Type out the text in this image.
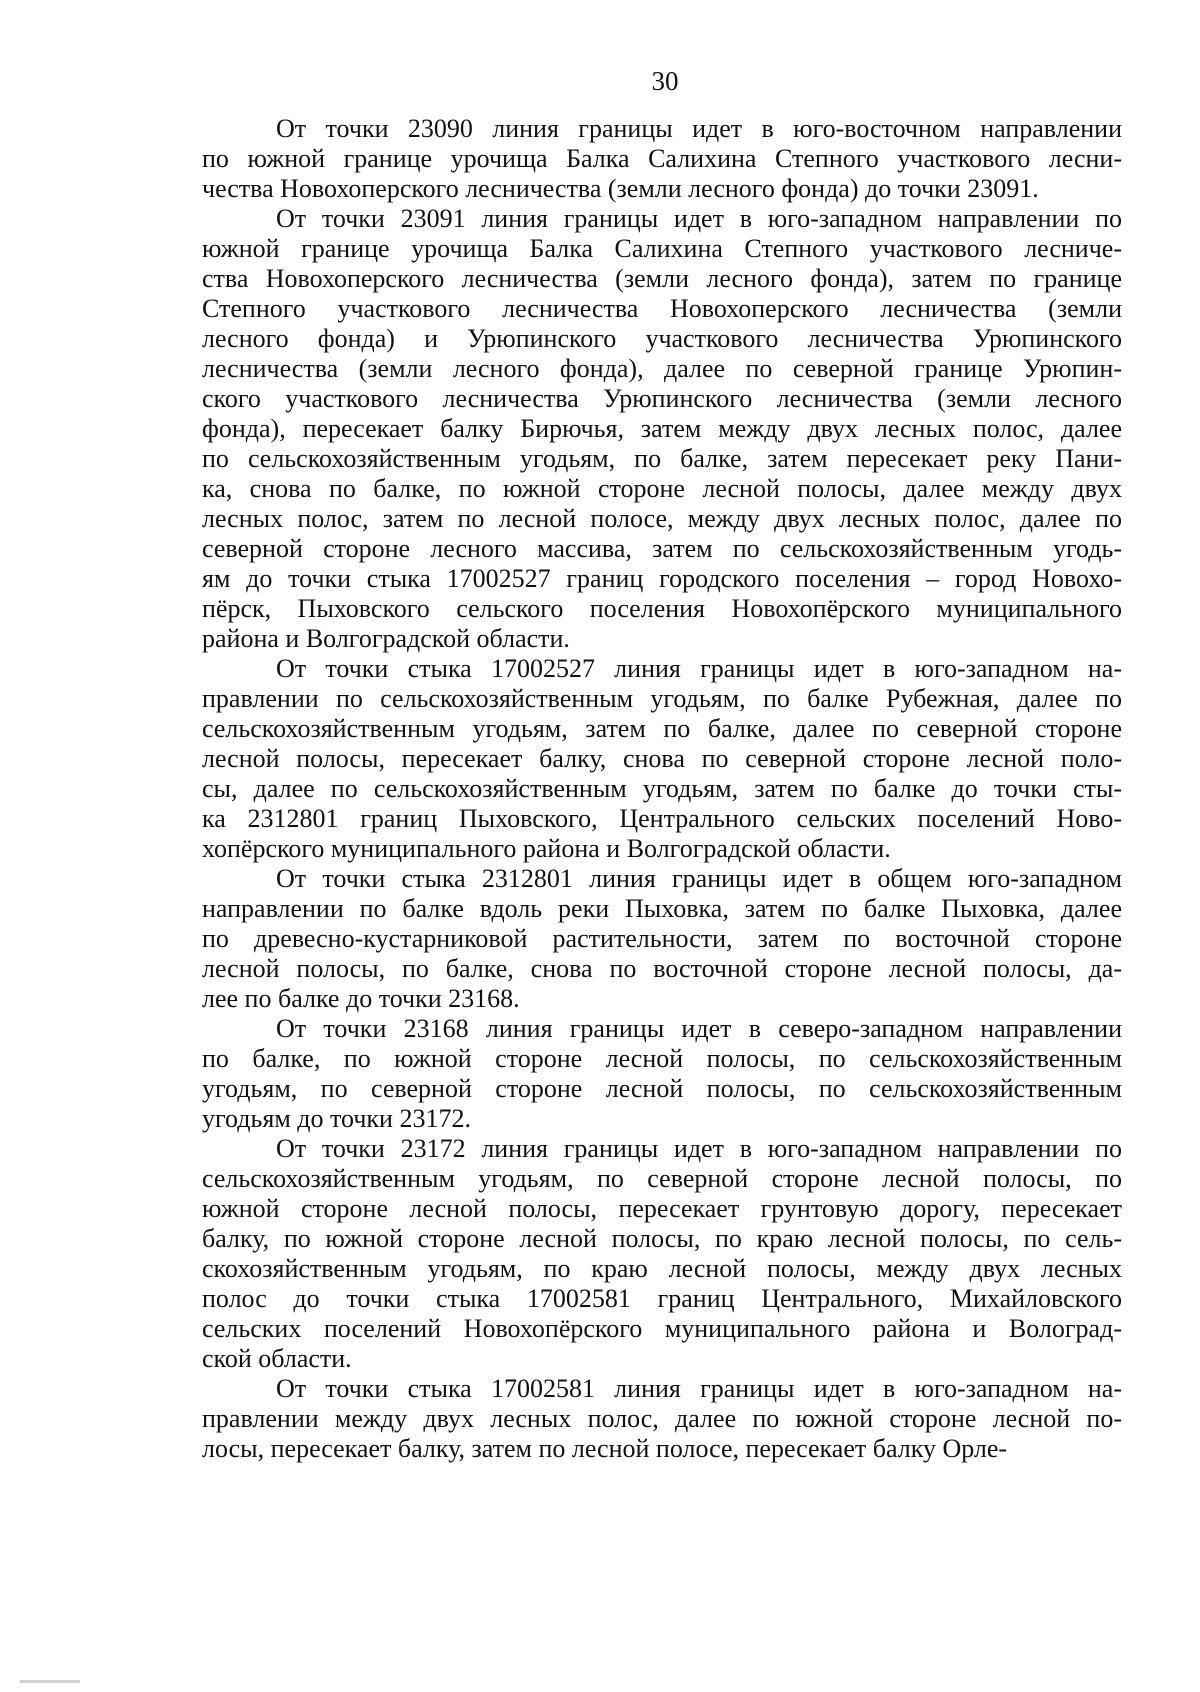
30
От точки 23090 линия границы идет в юго-восточном направлении
по южной границе урочища Балка Салихина Степного участкового лесни-
чества Новохоперского лесничества (земли лесного фонда) до точки 23091.
От точки 23091 линия границы идет в юго-западном направлении по
южной границе урочища Балка Салихина Степного участкового лесниче-
ства Новохоперского лесничества (земли лесного фонда), затем по границе
Степного участкового лесничества Новохоперского лесничества (земли
лесного фонда) и Урюпинского участкового лесничества Урюпинского
лесничества (земли лесного фонда), далее по северной границе Урюпин-
ского участкового лесничества Урюпинского лесничества (земли лесного
фонда), пересекает балку Бирючья, затем между двух лесных полос, далее
по сельскохозяйственным угодьям, по балке, затем пересекает реку Пани-
ка, снова по балке, по южной стороне лесной полосы, далее между двух
лесных полос, затем по лесной полосе, между двух лесных полос, далее по
северной стороне лесного массива, затем по сельскохозяйственным угодь-
ям до точки стыка 17002527 границ городского поселения – город Новохо-
пёрск, Пыховского сельского поселения Новохопёрского муниципального
района и Волгоградской области.
От точки стыка 17002527 линия границы идет в юго-западном на-
правлении по сельскохозяйственным угодьям, по балке Рубежная, далее по
сельскохозяйственным угодьям, затем по балке, далее по северной стороне
лесной полосы, пересекает балку, снова по северной стороне лесной поло-
сы, далее по сельскохозяйственным угодьям, затем по балке до точки сты-
ка 2312801 границ Пыховского, Центрального сельских поселений Ново-
хопёрского муниципального района и Волгоградской области.
От точки стыка 2312801 линия границы идет в общем юго-западном
направлении по балке вдоль реки Пыховка, затем по балке Пыховка, далее
по древесно-кустарниковой растительности, затем по восточной стороне
лесной полосы, по балке, снова по восточной стороне лесной полосы, да-
лее по балке до точки 23168.
От точки 23168 линия границы идет в северо-западном направлении
по балке, по южной стороне лесной полосы, по сельскохозяйственным
угодьям, по северной стороне лесной полосы, по сельскохозяйственным
угодьям до точки 23172.
От точки 23172 линия границы идет в юго-западном направлении по
сельскохозяйственным угодьям, по северной стороне лесной полосы, по
южной стороне лесной полосы, пересекает грунтовую дорогу, пересекает
балку, по южной стороне лесной полосы, по краю лесной полосы, по сель-
скохозяйственным угодьям, по краю лесной полосы, между двух лесных
полос до точки стыка 17002581 границ Центрального, Михайловского
сельских поселений Новохопёрского муниципального района и Волоград-
ской области.
От точки стыка 17002581 линия границы идет в юго-западном на-
правлении между двух лесных полос, далее по южной стороне лесной по-
лосы, пересекает балку, затем по лесной полосе, пересекает балку Орле-
